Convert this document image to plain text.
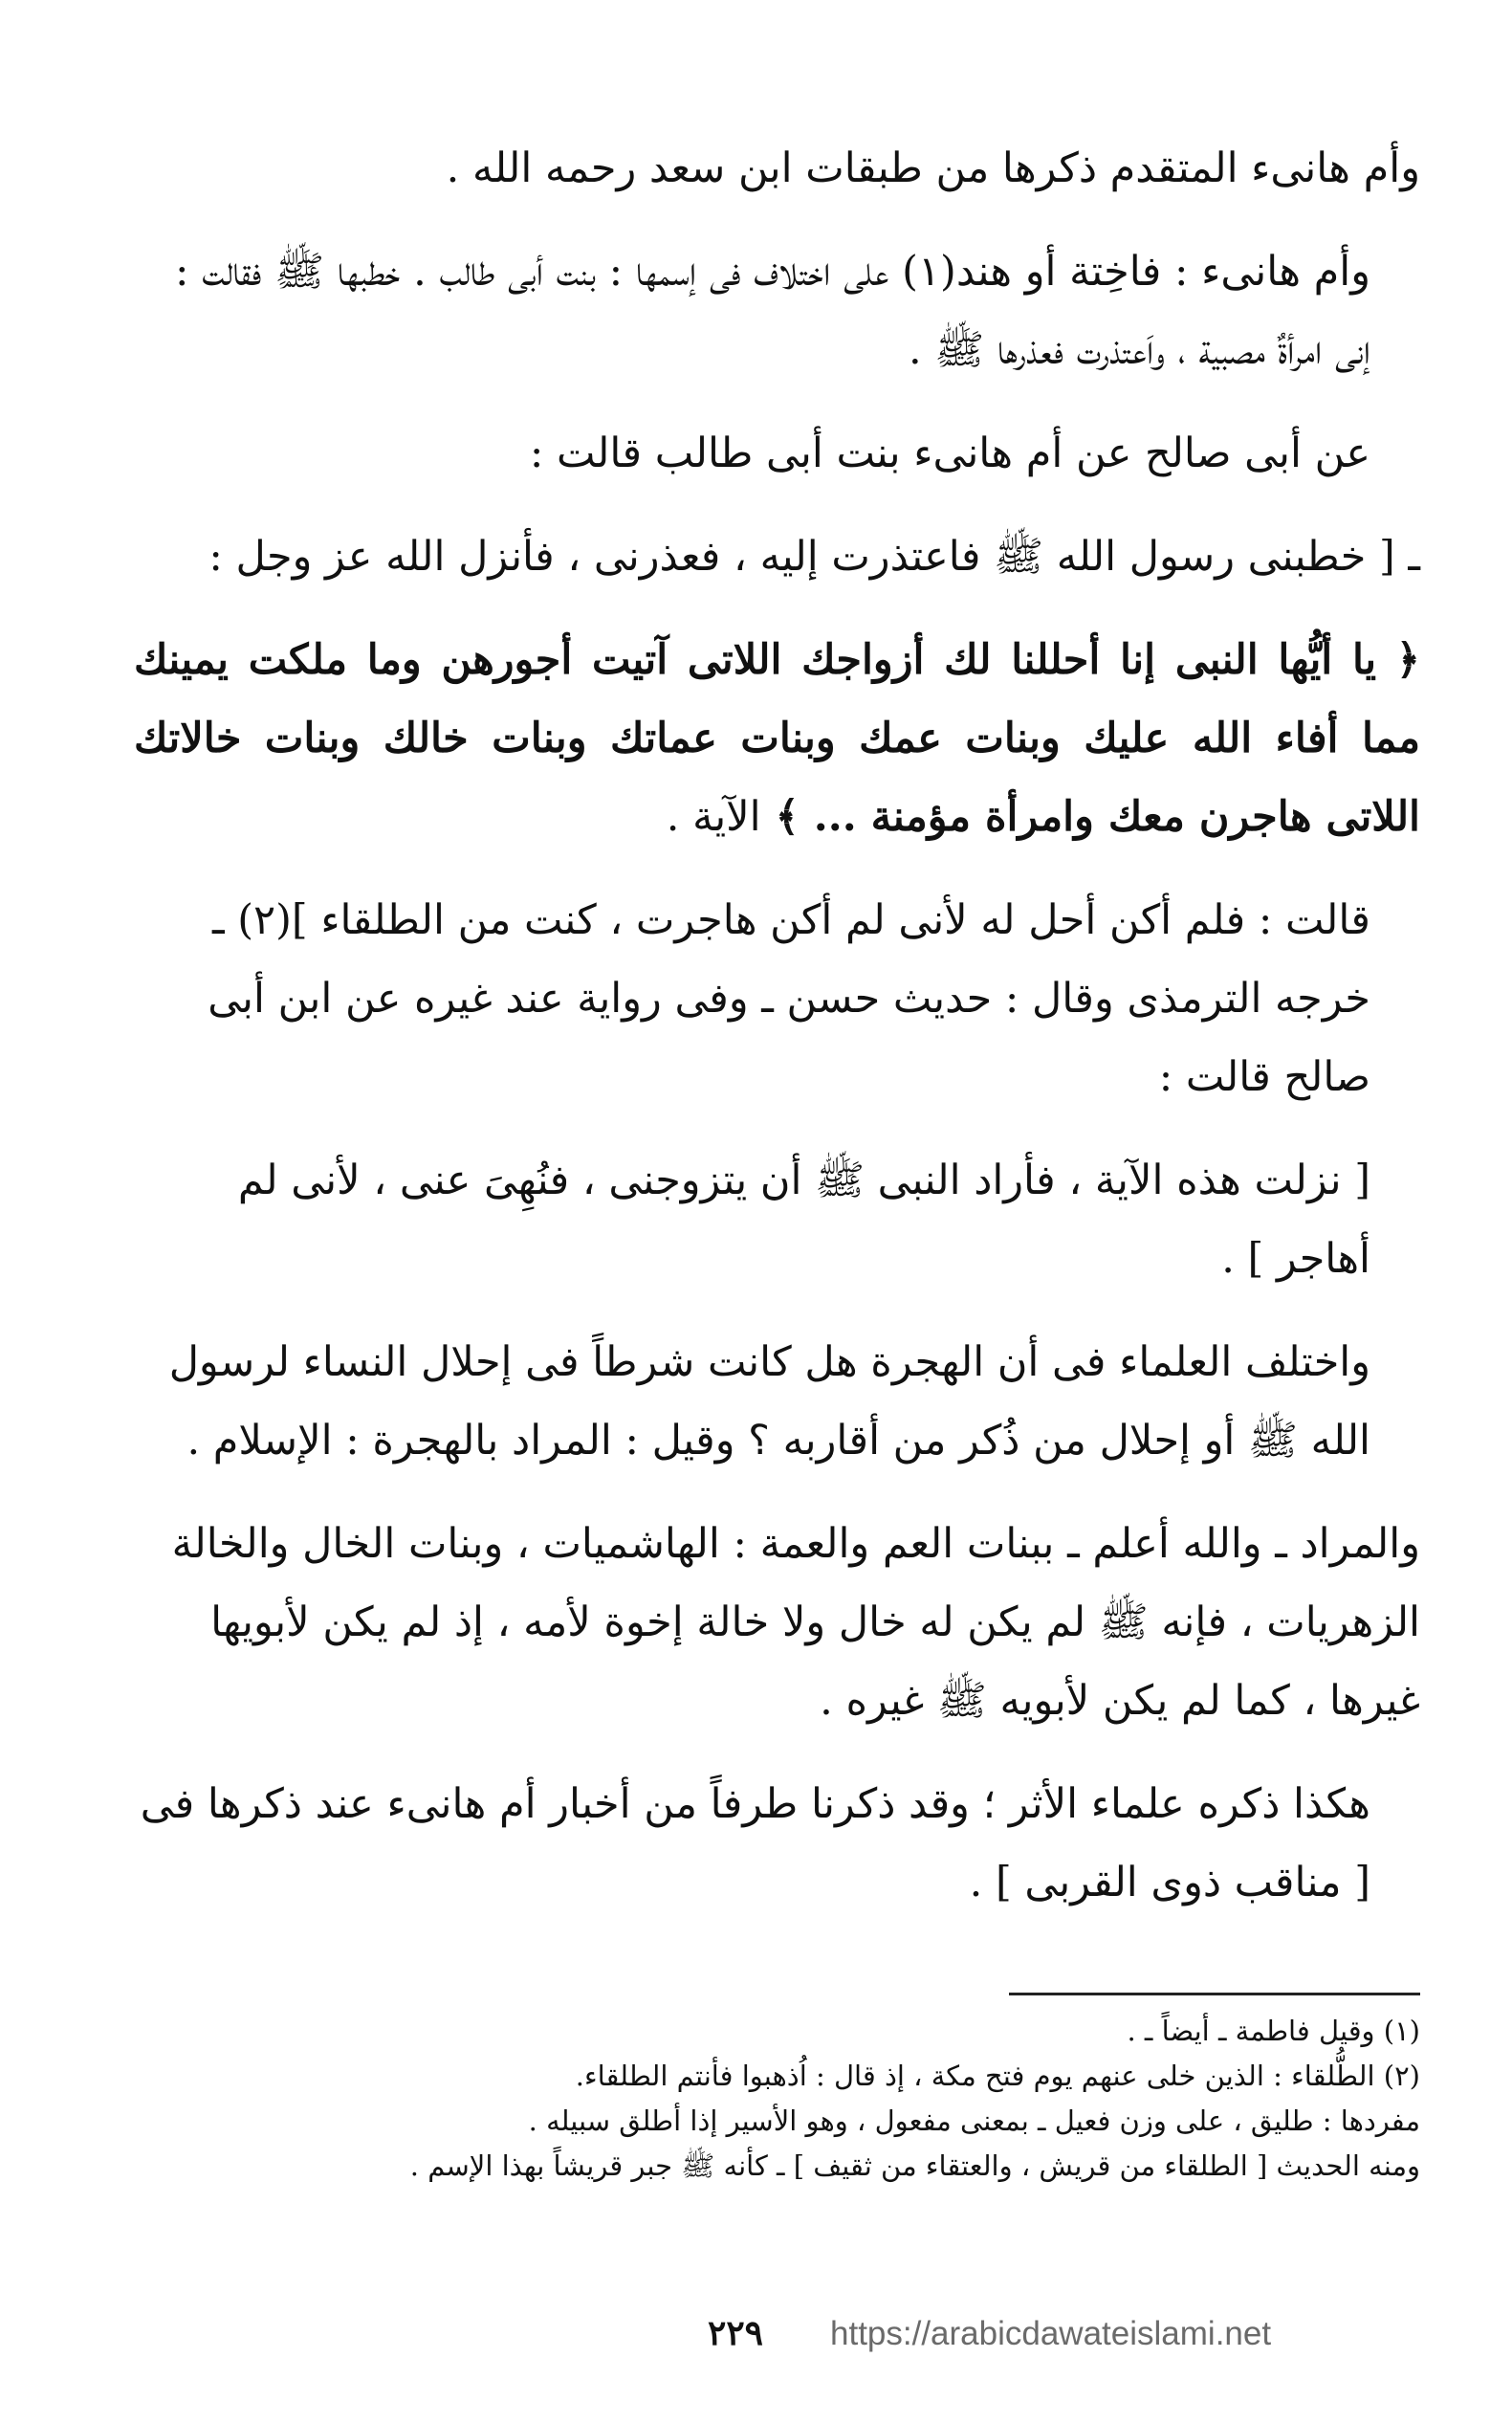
وأم هانىء المتقدم ذكرها من طبقات ابن سعد رحمه الله .

وأم هانىء : فاخِتة أو هند(١) على اختلاف فى إسمها : بنت أبى طالب . خطبها ﷺ فقالت : إنى امرأةٌ مصبية ، واَعتذرت فعذرها ﷺ .

عن أبى صالح عن أم هانىء بنت أبى طالب قالت :

ـ [ خطبنى رسول الله ﷺ فاعتذرت إليه ، فعذرنى ، فأنزل الله عز وجل :

﴿ يا أيُّها النبى إنا أحللنا لك أزواجك اللاتى آتيت أجورهن وما ملكت يمينك مما أفاء الله عليك وبنات عمك وبنات عماتك وبنات خالك وبنات خالاتك اللاتى هاجرن معك وامرأة مؤمنة ... ﴾ الآية .

قالت : فلم أكن أحل له لأنى لم أكن هاجرت ، كنت من الطلقاء ](٢) ـ خرجه الترمذى وقال : حديث حسن ـ وفى رواية عند غيره عن ابن أبى صالح قالت :

[ نزلت هذه الآية ، فأراد النبى ﷺ أن يتزوجنى ، فنُهِىَ عنى ، لأنى لم أهاجر ] .

واختلف العلماء فى أن الهجرة هل كانت شرطاً فى إحلال النساء لرسول الله ﷺ أو إحلال من ذُكر من أقاربه ؟ وقيل : المراد بالهجرة : الإسلام .

والمراد ـ والله أعلم ـ ببنات العم والعمة : الهاشميات ، وبنات الخال والخالة الزهريات ، فإنه ﷺ لم يكن له خال ولا خالة إخوة لأمه ، إذ لم يكن لأبويها غيرها ، كما لم يكن لأبويه ﷺ غيره .

هكذا ذكره علماء الأثر ؛ وقد ذكرنا طرفاً من أخبار أم هانىء عند ذكرها فى [ مناقب ذوى القربى ] .

(١) وقيل فاطمة ـ أيضاً ـ .

(٢) الطُّلقاء : الذين خلى عنهم يوم فتح مكة ، إذ قال : اُذهبوا فأنتم الطلقاء.

مفردها : طليق ، على وزن فعيل ـ بمعنى مفعول ، وهو الأسير إذا أطلق سبيله .

ومنه الحديث [ الطلقاء من قريش ، والعتقاء من ثقيف ] ـ كأنه ﷺ جبر قريشاً بهذا الإسم .

٢٢٩ https://arabicdawateislami.net
